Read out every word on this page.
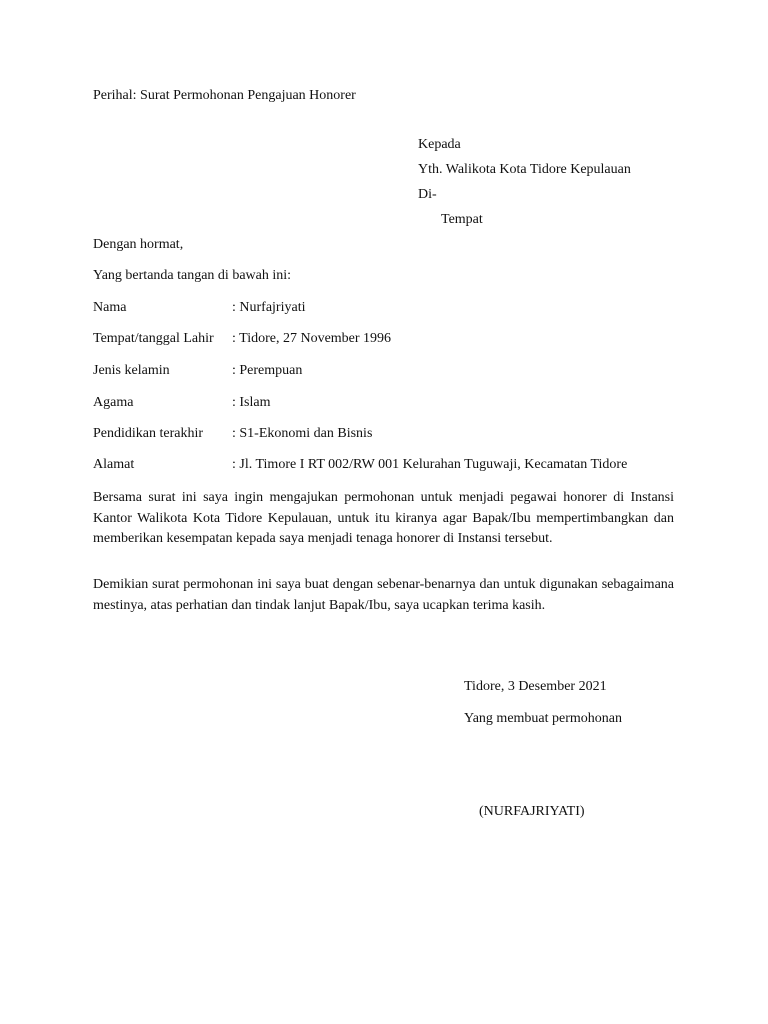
Perihal: Surat Permohonan Pengajuan Honorer
Kepada
Yth. Walikota Kota Tidore Kepulauan
Di-
Tempat
Dengan hormat,
Yang bertanda tangan di bawah ini:
Nama	: Nurfajriyati
Tempat/tanggal Lahir : Tidore, 27 November 1996
Jenis kelamin	: Perempuan
Agama	: Islam
Pendidikan terakhir : S1-Ekonomi dan Bisnis
Alamat	: Jl. Timore I RT 002/RW 001 Kelurahan Tuguwaji, Kecamatan Tidore

Bersama surat ini saya ingin mengajukan permohonan untuk menjadi pegawai honorer di Instansi Kantor Walikota Kota Tidore Kepulauan, untuk itu kiranya agar Bapak/Ibu mempertimbangkan dan memberikan kesempatan kepada saya menjadi tenaga honorer di Instansi tersebut.

Demikian surat permohonan ini saya buat dengan sebenar-benarnya dan untuk digunakan sebagaimana mestinya, atas perhatian dan tindak lanjut Bapak/Ibu, saya ucapkan terima kasih.

Tidore, 3 Desember 2021
Yang membuat permohonan
(NURFAJRIYATI)
